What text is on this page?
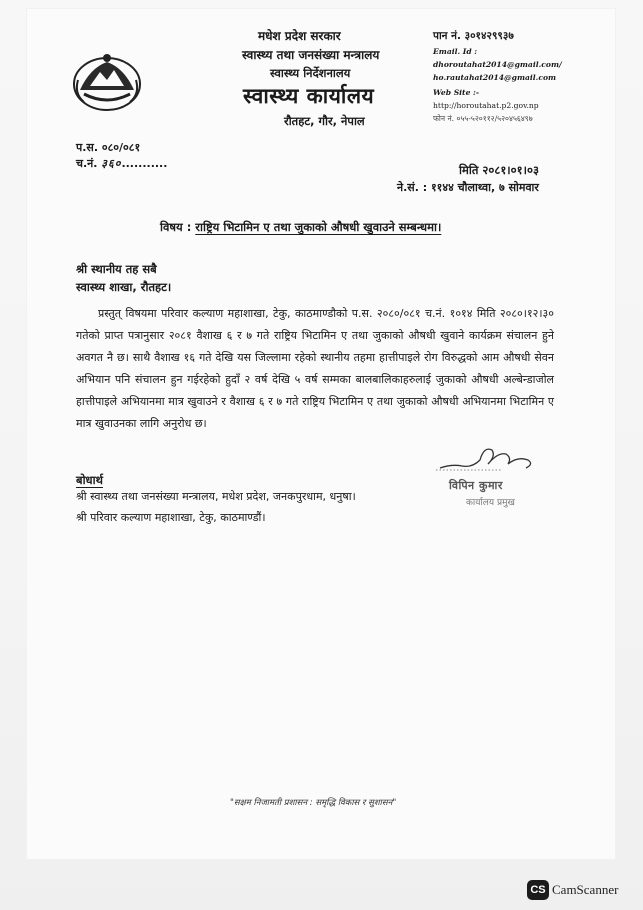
मधेश प्रदेश सरकार
स्वास्थ्य तथा जनसंख्या मन्त्रालय
स्वास्थ्य निर्देशनालय
स्वास्थ्य कार्यालय
रौतहट, गौर, नेपाल
पान नं. ३०१४२९९३७
Email. Id :
dhoroutahat2014@gmail.com/
ho.rautahat2014@gmail.com
Web Site :-
http://horoutahat.p2.gov.np
फोन नं. ०५५-५२०११२/५२०४५६४९७
प.स. ०८०/०८१
च.नं. ३६०...........	मिति २०८१।०१।०३
ने.सं. : ११४४ चौलाथ्वा, ७ सोमवार
विषय : राष्ट्रिय भिटामिन ए तथा जुकाको औषधी खुवाउने सम्बन्धमा।
श्री स्थानीय तह सबै
स्वास्थ्य शाखा, रौतहट।
प्रस्तुत् विषयमा परिवार कल्याण महाशाखा, टेकु, काठमाण्डौको प.स. २०८०/०८१ च.नं. १०१४ मिति २०८०।१२।३० गतेको प्राप्त पत्रानुसार २०८१ वैशाख ६ र ७ गते राष्ट्रिय भिटामिन ए तथा जुकाको औषधी खुवाने कार्यक्रम संचालन हुने अवगत नै छ। साथै वैशाख १६ गते देखि यस जिल्लामा रहेको स्थानीय तहमा हात्तीपाइले रोग विरुद्धको आम औषधी सेवन अभियान पनि संचालन हुन गईरहेको हुदाँ २ वर्ष देखि ५ वर्ष सम्मका बालबालिकाहरुलाई जुकाको औषधी अल्बेन्डाजोल हात्तीपाइले अभियानमा मात्र खुवाउने र वैशाख ६ र ७ गते राष्ट्रिय भिटामिन ए तथा जुकाको औषधी अभियानमा भिटामिन ए मात्र खुवाउनका लागि अनुरोध छ।
विपिन कुमार
कार्यालय प्रमुख
बोधार्थ
श्री स्वास्थ्य तथा जनसंख्या मन्त्रालय, मधेश प्रदेश, जनकपुरधाम, धनुषा।
श्री परिवार कल्याण महाशाखा, टेकु, काठमाण्डौं।
"सक्षम निजामती प्रशासन : समृद्धि विकास र सुशासन"
CS CamScanner
